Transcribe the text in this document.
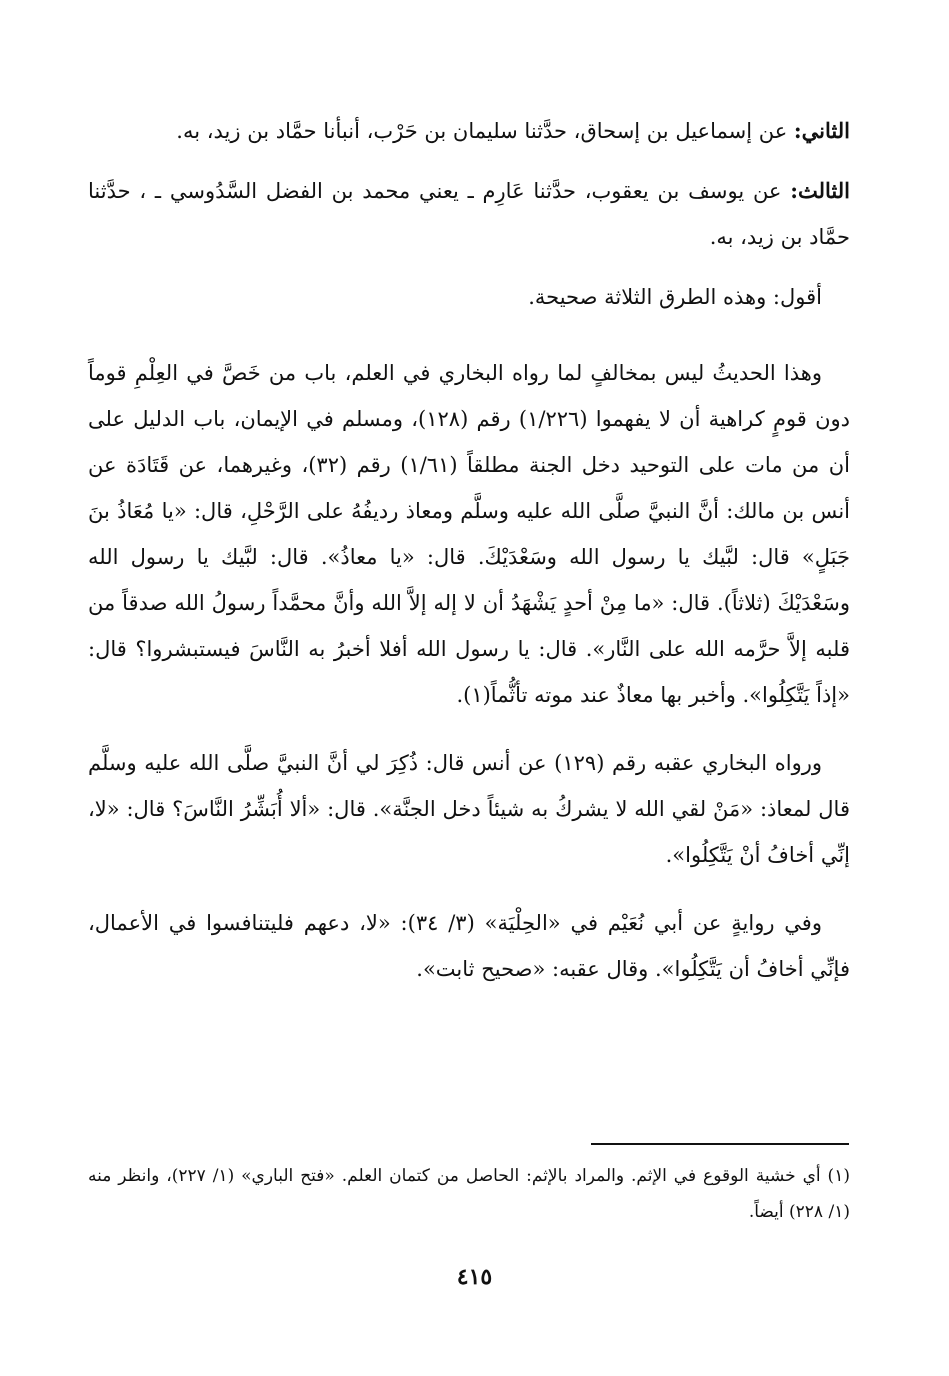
الثاني: عن إسماعيل بن إسحاق، حدَّثنا سليمان بن حَرْب، أنبأنا حمَّاد بن زيد، به.

الثالث: عن يوسف بن يعقوب، حدَّثنا عَارِم ـ يعني محمد بن الفضل السَّدُوسي ـ ، حدَّثنا حمَّاد بن زيد، به.

أقول: وهذه الطرق الثلاثة صحيحة.

وهذا الحديثُ ليس بمخالفٍ لما رواه البخاري في العلم، باب من خَصَّ في العِلْمِ قوماً دون قومٍ كراهية أن لا يفهموا (١/٢٢٦) رقم (١٢٨)، ومسلم في الإيمان، باب الدليل على أن من مات على التوحيد دخل الجنة مطلقاً (١/٦١) رقم (٣٢)، وغيرهما، عن قَتَادَة عن أنس بن مالك: أنَّ النبيَّ صلَّى الله عليه وسلَّم ومعاذ رديفُهُ على الرَّحْلِ، قال: «يا مُعَاذُ بنَ جَبَلٍ» قال: لبَّيك يا رسول الله وسَعْدَيْكَ. قال: «يا معاذُ». قال: لبَّيك يا رسول الله وسَعْدَيْكَ (ثلاثاً). قال: «ما مِنْ أحدٍ يَشْهَدُ أن لا إله إلاَّ الله وأنَّ محمَّداً رسولُ الله صدقاً من قلبه إلاَّ حرَّمه الله على النَّار». قال: يا رسول الله أفلا أخبرُ به النَّاسَ فيستبشروا؟ قال: «إذاً يَتَّكِلُوا». وأخبر بها معاذٌ عند موته تأثُّماً(١).

ورواه البخاري عقبه رقم (١٢٩) عن أنس قال: ذُكِرَ لي أنَّ النبيَّ صلَّى الله عليه وسلَّم قال لمعاذ: «مَنْ لقي الله لا يشركُ به شيئاً دخل الجنَّة». قال: «ألا أُبَشِّرُ النَّاسَ؟ قال: «لا، إنِّي أخافُ أنْ يَتَّكِلُوا».

وفي روايةٍ عن أبي نُعَيْم في «الحِلْيَة» (٣/ ٣٤): «لا، دعهم فليتنافسوا في الأعمال، فإنِّي أخافُ أن يَتَّكِلُوا». وقال عقبه: «صحيح ثابت».

(١) أي خشية الوقوع في الإثم. والمراد بالإثم: الحاصل من كتمان العلم. «فتح الباري» (١/ ٢٢٧)، وانظر منه (١/ ٢٢٨) أيضاً.

٤١٥
